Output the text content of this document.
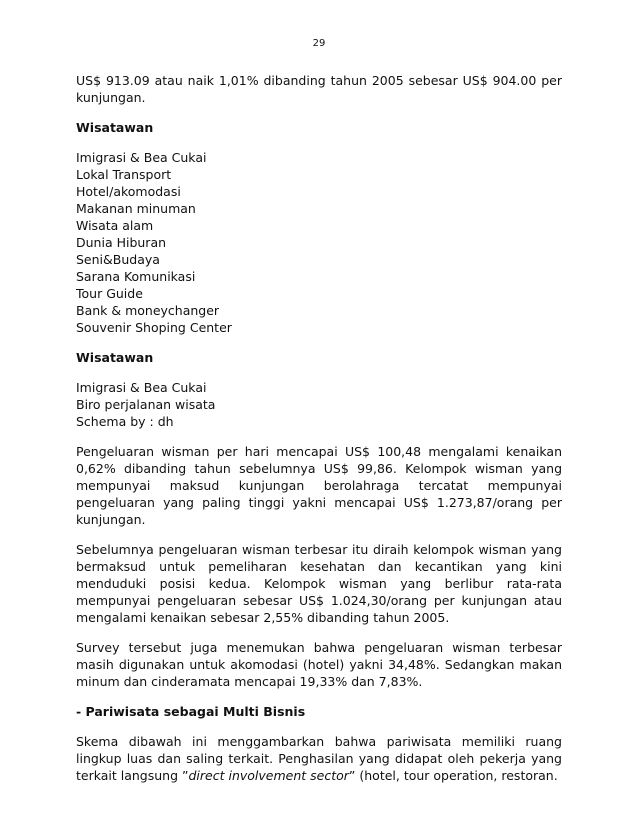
29

US$ 913.09 atau naik 1,01% dibanding tahun 2005 sebesar US$ 904.00 per kunjungan.

Wisatawan
Imigrasi & Bea Cukai
Lokal Transport
Hotel/akomodasi
Makanan minuman
Wisata alam
Dunia Hiburan
Seni&Budaya
Sarana Komunikasi
Tour Guide
Bank & moneychanger
Souvenir Shoping Center
Wisatawan
Imigrasi & Bea Cukai
Biro perjalanan wisata
Schema by : dh

Pengeluaran wisman per hari mencapai US$ 100,48 mengalami kenaikan 0,62% dibanding tahun sebelumnya US$ 99,86. Kelompok wisman yang mempunyai maksud kunjungan berolahraga tercatat mempunyai pengeluaran yang paling tinggi yakni mencapai US$ 1.273,87/orang per kunjungan.

Sebelumnya pengeluaran wisman terbesar itu diraih kelompok wisman yang bermaksud untuk pemeliharan kesehatan dan kecantikan yang kini menduduki posisi kedua. Kelompok wisman yang berlibur rata-rata mempunyai pengeluaran sebesar US$ 1.024,30/orang per kunjungan atau mengalami kenaikan sebesar 2,55% dibanding tahun 2005.

Survey tersebut juga menemukan bahwa pengeluaran wisman terbesar masih digunakan untuk akomodasi (hotel) yakni 34,48%. Sedangkan makan minum dan cinderamata mencapai 19,33% dan 7,83%.

- Pariwisata sebagai Multi Bisnis

Skema dibawah ini menggambarkan bahwa pariwisata memiliki ruang lingkup luas dan saling terkait. Penghasilan yang didapat oleh pekerja yang terkait langsung ”direct involvement sector” (hotel, tour operation, restoran.
